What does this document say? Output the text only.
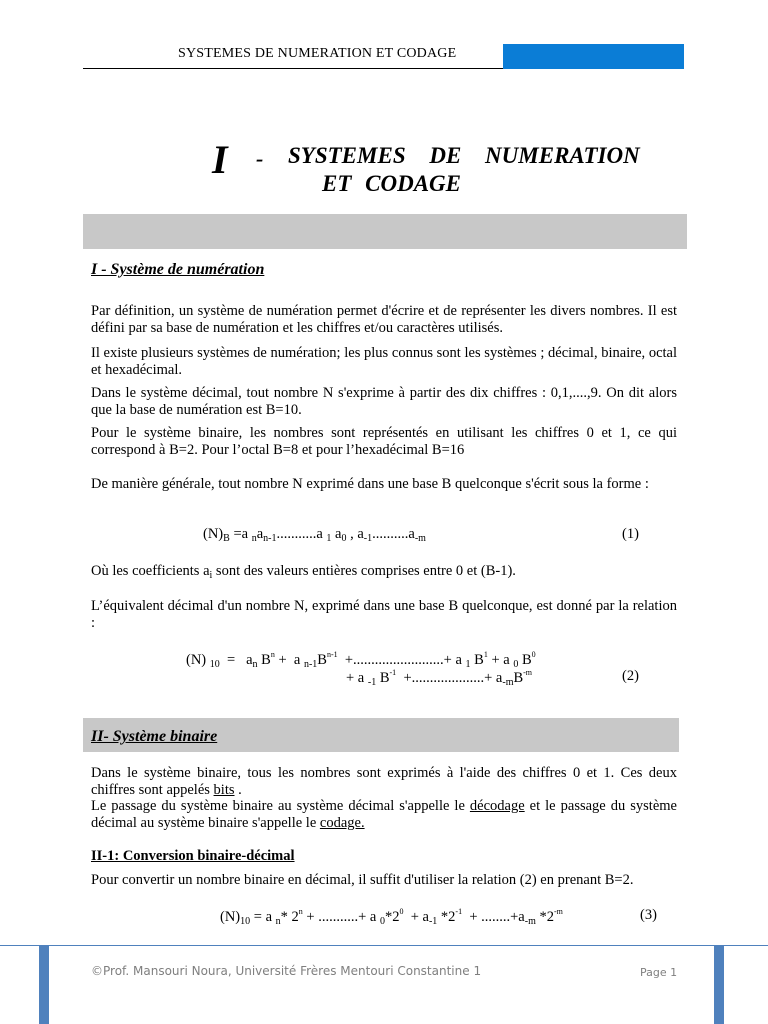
SYSTEMES DE NUMERATION ET CODAGE
I - SYSTEMES DE NUMERATION
ET CODAGE
I - Système de numération
Par définition, un système de numération permet d'écrire et de représenter les divers nombres. Il est défini par sa base de numération et les chiffres et/ou caractères utilisés.
Il existe plusieurs systèmes de numération; les plus connus sont les systèmes ; décimal, binaire, octal et hexadécimal.
Dans le système décimal, tout nombre N s'exprime à partir des dix chiffres : 0,1,....,9. On dit alors que la base de numération est B=10.
Pour le système binaire, les nombres sont représentés en utilisant les chiffres 0 et 1, ce qui correspond à B=2. Pour l’octal B=8 et pour l’hexadécimal B=16
De manière générale, tout nombre N exprimé dans une base B quelconque s'écrit sous la forme :
$(N)_B =a$ $_na_{n-1}...........a$ $_1$ $a_0$ , $a_{-1}..........a_{-m}$	(1)
Où les coefficients $a_i$ sont des valeurs entières comprises entre 0 et (B-1).
L’équivalent décimal d'un nombre N, exprimé dans une base B quelconque, est donné par la relation :
(N) $_{10} = a_n$ $B^n + a$ $_{n-1}B^{n-1}$  +.........................+ a $_1$ $B^1 + a$ $_0$ $B^0$
+ a $_{-1}$ $B^{-1}$  +....................+ $a_{-m}B^{-m}$	(2)
II- Système binaire
Dans le système binaire, tous les nombres sont exprimés à l'aide des chiffres 0 et 1. Ces deux chiffres sont appelés bits .
Le passage du système binaire au système décimal s'appelle le décodage et le passage du système décimal au système binaire s'appelle le codage.
II-1: Conversion binaire-décimal
Pour convertir un nombre binaire en décimal, il suffit d'utiliser la relation (2) en prenant B=2.
$(N)_{10} = a$ $_n$* $2^n$ + ...........+ a $_0*2^0 + a_{-1}$ $*2^{-1} + ........+a_{-m}$ $*2^{-m}$	(3)
©Prof. Mansouri Noura, Université Frères Mentouri Constantine 1	Page 1
